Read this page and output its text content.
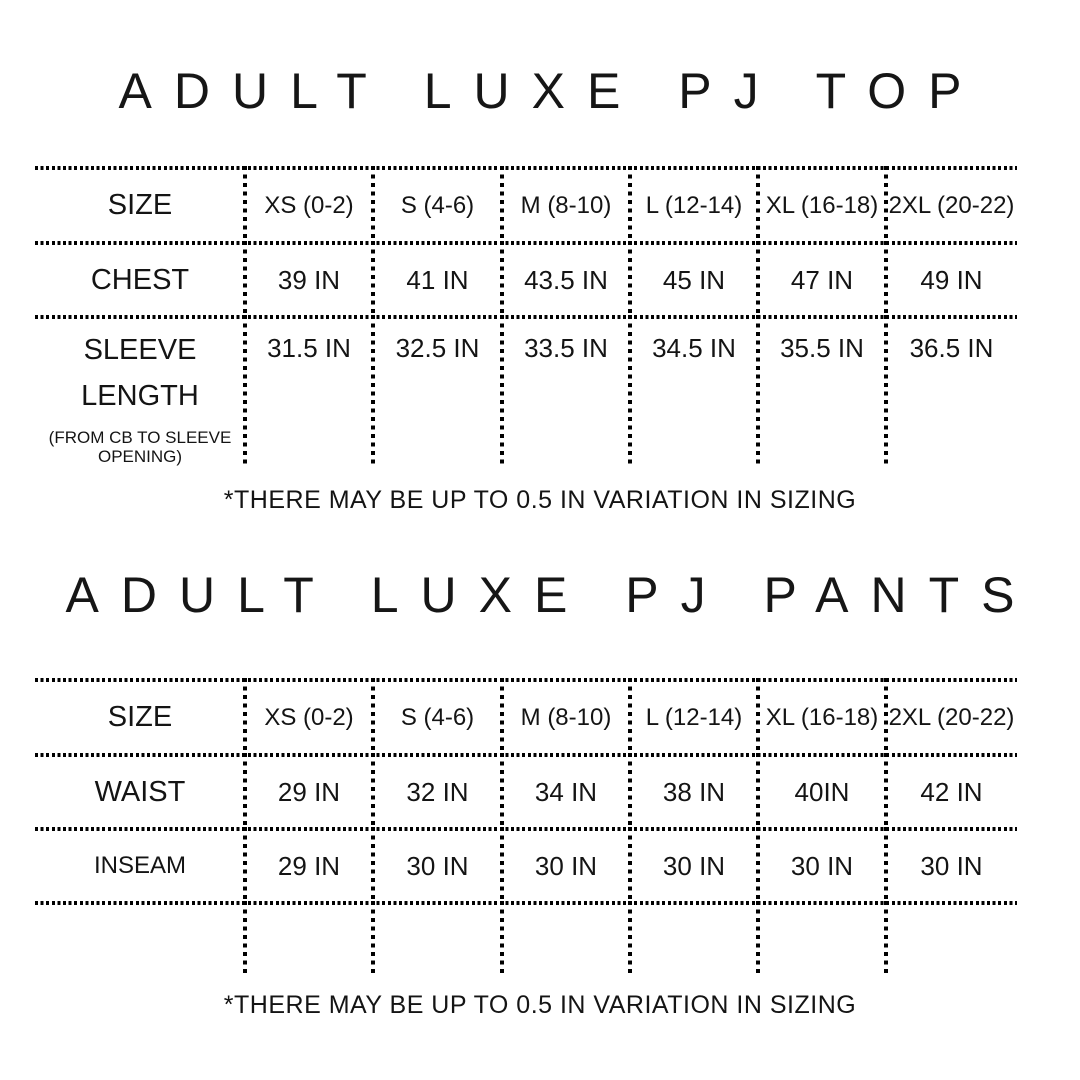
ADULT LUXE PJ TOP
SIZE	XS (0-2)	S (4-6)	M (8-10)	L (12-14) XL (16-18) 2XL (20-22)
CHEST	39 IN	41 IN	43.5 IN	45 IN	47 IN	49 IN
SLEEVE LENGTH
(FROM CB TO SLEEVE OPENING)
31.5 IN	32.5 IN	33.5 IN	34.5 IN	35.5 IN	36.5 IN
*THERE MAY BE UP TO 0.5 IN VARIATION IN SIZING
ADULT LUXE PJ PANTS
SIZE	XS (0-2)	S (4-6)	M (8-10)	L (12-14) XL (16-18) 2XL (20-22)
WAIST	29 IN	32 IN	34 IN	38 IN	40IN	42 IN
INSEAM	29 IN	30 IN	30 IN	30 IN	30 IN	30 IN
*THERE MAY BE UP TO 0.5 IN VARIATION IN SIZING
